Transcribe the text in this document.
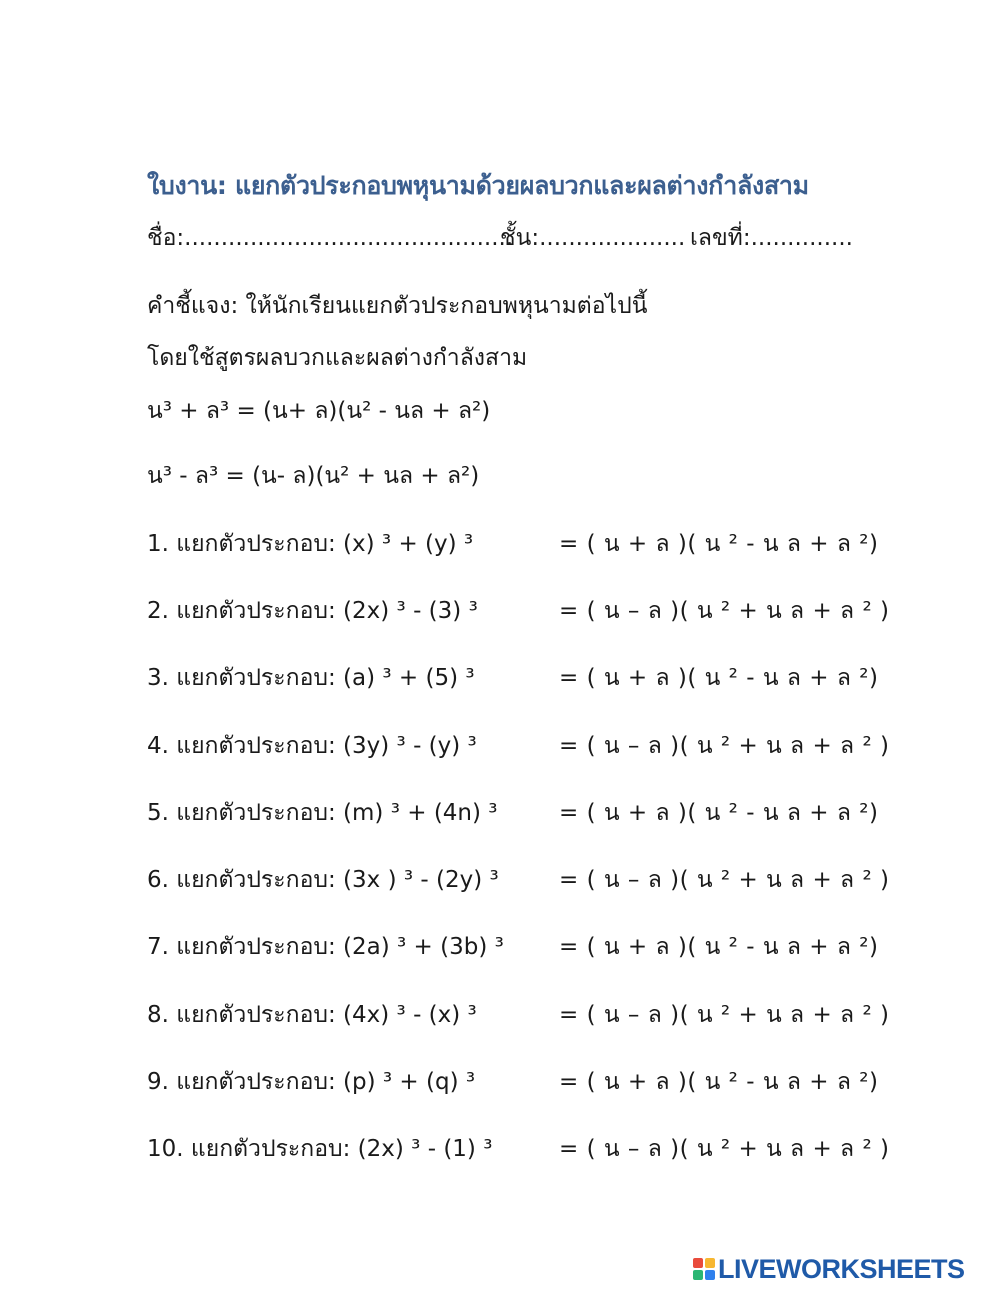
ใบงาน: แยกตัวประกอบพหุนามด้วยผลบวกและผลต่างกำลังสาม
ชื่อ:.............................................
ชั้น:.................... เลขที่:..............
คำชี้แจง: ให้นักเรียนแยกตัวประกอบพหุนามต่อไปนี้
โดยใช้สูตรผลบวกและผลต่างกำลังสาม
น³ + ล³ = (น+ ล)(น² - นล + ล²)
น³ - ล³ = (น- ล)(น² + นล + ล²)
1. แยกตัวประกอบ: (x) ³ + (y) ³	= ( น + ล )( น ² - น ล + ล ²)
2. แยกตัวประกอบ: (2x) ³ - (3) ³	= ( น – ล )( น ² + น ล + ล ² )
3. แยกตัวประกอบ: (a) ³ + (5) ³	= ( น + ล )( น ² - น ล + ล ²)
4. แยกตัวประกอบ: (3y) ³ - (y) ³	= ( น – ล )( น ² + น ล + ล ² )
5. แยกตัวประกอบ: (m) ³ + (4n) ³	= ( น + ล )( น ² - น ล + ล ²)
6. แยกตัวประกอบ: (3x ) ³ - (2y) ³	= ( น – ล )( น ² + น ล + ล ² )
7. แยกตัวประกอบ: (2a) ³ + (3b) ³ = ( น + ล )( น ² - น ล + ล ²)
8. แยกตัวประกอบ: (4x) ³ - (x) ³	= ( น – ล )( น ² + น ล + ล ² )
9. แยกตัวประกอบ: (p) ³ + (q) ³	= ( น + ล )( น ² - น ล + ล ²)
10. แยกตัวประกอบ: (2x) ³ - (1) ³	= ( น – ล )( น ² + น ล + ล ² )
LIVEWORKSHEETS
